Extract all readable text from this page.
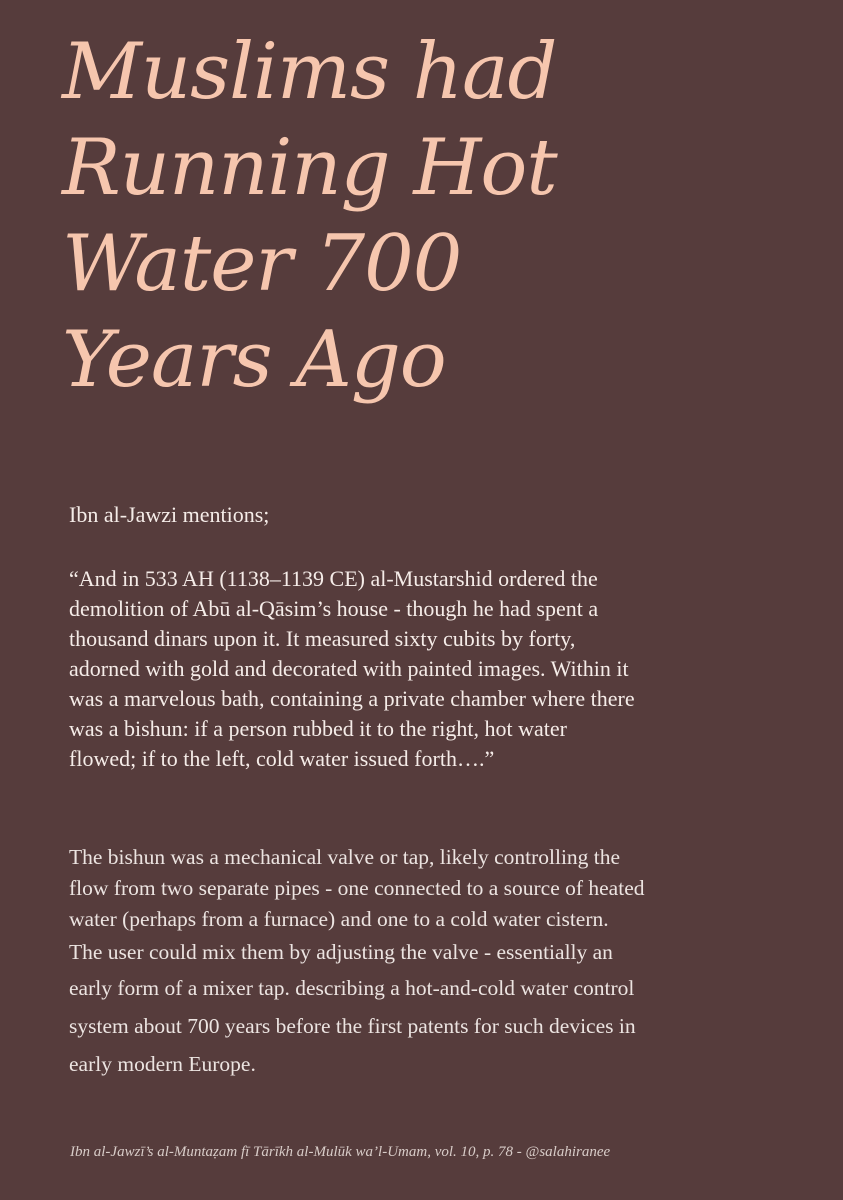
Muslims had
Running Hot
Water 700
Years Ago

Ibn al-Jawzi mentions;

“And in 533 AH (1138–1139 CE) al-Mustarshid ordered the
demolition of Abū al-Qāsim’s house - though he had spent a
thousand dinars upon it. It measured sixty cubits by forty,
adorned with gold and decorated with painted images. Within it
was a marvelous bath, containing a private chamber where there
was a bishun: if a person rubbed it to the right, hot water
flowed; if to the left, cold water issued forth….”

The bishun was a mechanical valve or tap, likely controlling the
flow from two separate pipes - one connected to a source of heated
water (perhaps from a furnace) and one to a cold water cistern.
The user could mix them by adjusting the valve - essentially an
early form of a mixer tap. describing a hot-and-cold water control
system about 700 years before the first patents for such devices in
early modern Europe.

Ibn al-Jawzī’s al-Muntaẓam fī Tārīkh al-Mulūk wa’l-Umam, vol. 10, p. 78 - @salahiranee
